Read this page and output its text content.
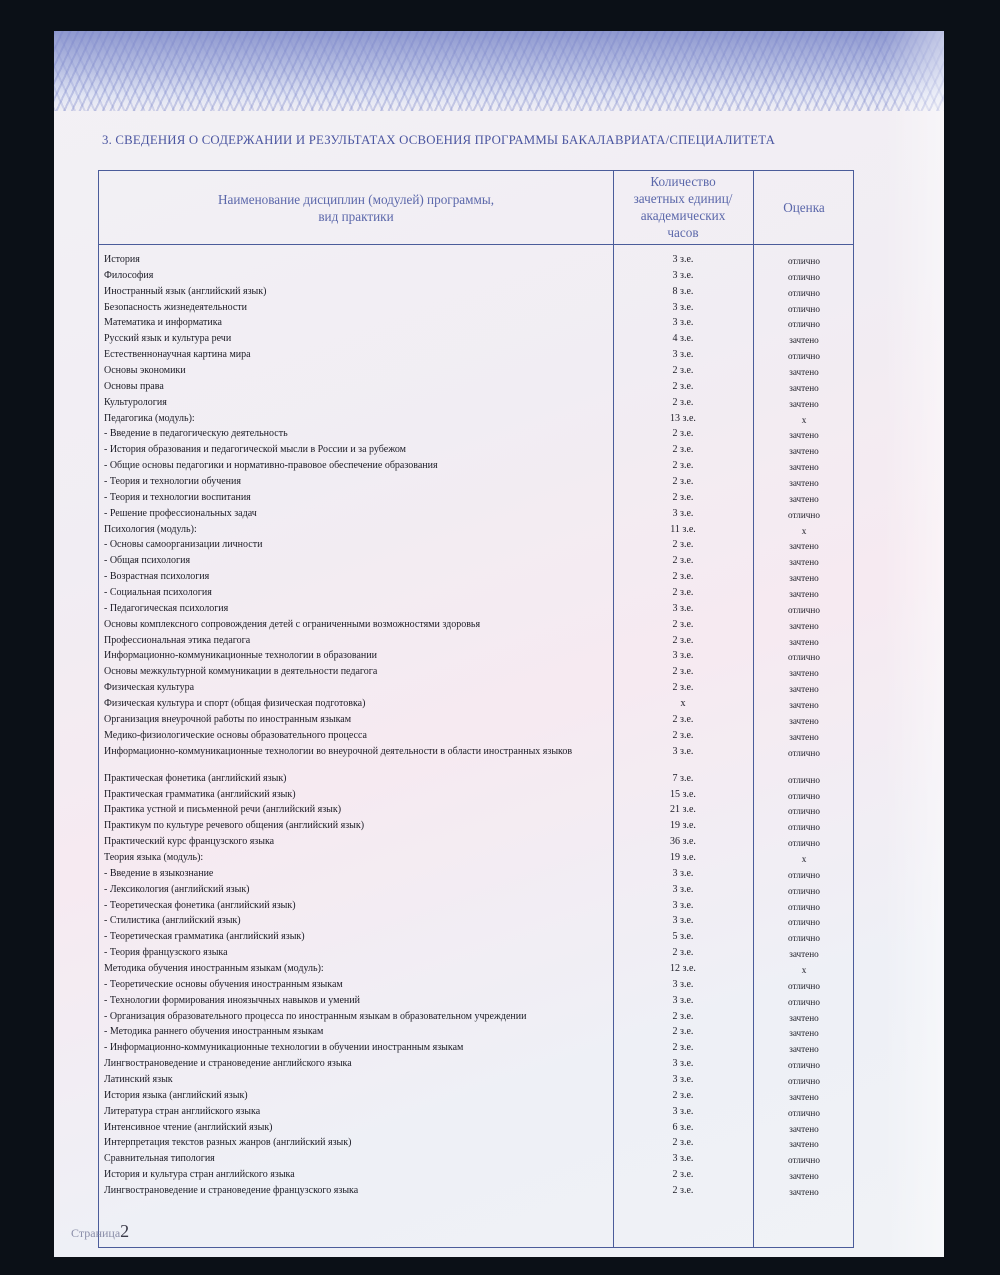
3. СВЕДЕНИЯ О СОДЕРЖАНИИ И РЕЗУЛЬТАТАХ ОСВОЕНИЯ ПРОГРАММЫ БАКАЛАВРИАТА/СПЕЦИАЛИТЕТА
Наименование дисциплин (модулей) программы,
вид практики
Количество
зачетных единиц/
академических
часов
Оценка
История	3 з.е.	отлично
Философия	3 з.е.	отлично
Иностранный язык (английский язык)	8 з.е.	отлично
Безопасность жизнедеятельности	3 з.е.	отлично
Математика и информатика	3 з.е.	отлично
Русский язык и культура речи	4 з.е.	зачтено
Естественнонаучная картина мира	3 з.е.	отлично
Основы экономики	2 з.е.	зачтено
Основы права	2 з.е.	зачтено
Культурология	2 з.е.	зачтено
Педагогика (модуль):	13 з.е.	x
- Введение в педагогическую деятельность	2 з.е.	зачтено
- История образования и педагогической мысли в России и за рубежом	2 з.е.	зачтено
- Общие основы педагогики и нормативно-правовое обеспечение образования	2 з.е.	зачтено
- Теория и технологии обучения	2 з.е.	зачтено
- Теория и технологии воспитания	2 з.е.	зачтено
- Решение профессиональных задач	3 з.е.	отлично
Психология (модуль):	11 з.е.	x
- Основы самоорганизации личности	2 з.е.	зачтено
- Общая психология	2 з.е.	зачтено
- Возрастная психология	2 з.е.	зачтено
- Социальная психология	2 з.е.	зачтено
- Педагогическая психология	3 з.е.	отлично
Основы комплексного сопровождения детей с ограниченными возможностями здоровья	2 з.е.	зачтено
Профессиональная этика педагога	2 з.е.	зачтено
Информационно-коммуникационные технологии в образовании	3 з.е.	отлично
Основы межкультурной коммуникации в деятельности педагога	2 з.е.	зачтено
Физическая культура	2 з.е.	зачтено
Физическая культура и спорт (общая физическая подготовка)	x	зачтено
Организация внеурочной работы по иностранным языкам	2 з.е.	зачтено
Медико-физиологические основы образовательного процесса	2 з.е.	зачтено
Информационно-коммуникационные технологии во внеурочной деятельности в области иностранных языков	3 з.е.	отлично
Практическая фонетика (английский язык)	7 з.е.	отлично
Практическая грамматика (английский язык)	15 з.е.	отлично
Практика устной и письменной речи (английский язык)	21 з.е.	отлично
Практикум по культуре речевого общения (английский язык)	19 з.е.	отлично
Практический курс французского языка	36 з.е.	отлично
Теория языка (модуль):	19 з.е.	x
- Введение в языкознание	3 з.е.	отлично
- Лексикология (английский язык)	3 з.е.	отлично
- Теоретическая фонетика (английский язык)	3 з.е.	отлично
- Стилистика (английский язык)	3 з.е.	отлично
- Теоретическая грамматика (английский язык)	5 з.е.	отлично
- Теория французского языка	2 з.е.	зачтено
Методика обучения иностранным языкам (модуль):	12 з.е.	x
- Теоретические основы обучения иностранным языкам	3 з.е.	отлично
- Технологии формирования иноязычных навыков и умений	3 з.е.	отлично
- Организация образовательного процесса по иностранным языкам в образовательном учреждении	2 з.е.	зачтено
- Методика раннего обучения иностранным языкам	2 з.е.	зачтено
- Информационно-коммуникационные технологии в обучении иностранным языкам	2 з.е.	зачтено
Лингвострановедение и страноведение английского языка	3 з.е.	отлично
Латинский язык	3 з.е.	отлично
История языка (английский язык)	2 з.е.	зачтено
Литература стран английского языка	3 з.е.	отлично
Интенсивное чтение (английский язык)	6 з.е.	зачтено
Интерпретация текстов разных жанров (английский язык)	2 з.е.	зачтено
Сравнительная типология	3 з.е.	отлично
История и культура стран английского языка	2 з.е.	зачтено
Лингвострановедение и страноведение французского языка	2 з.е.	зачтено
Страница2
